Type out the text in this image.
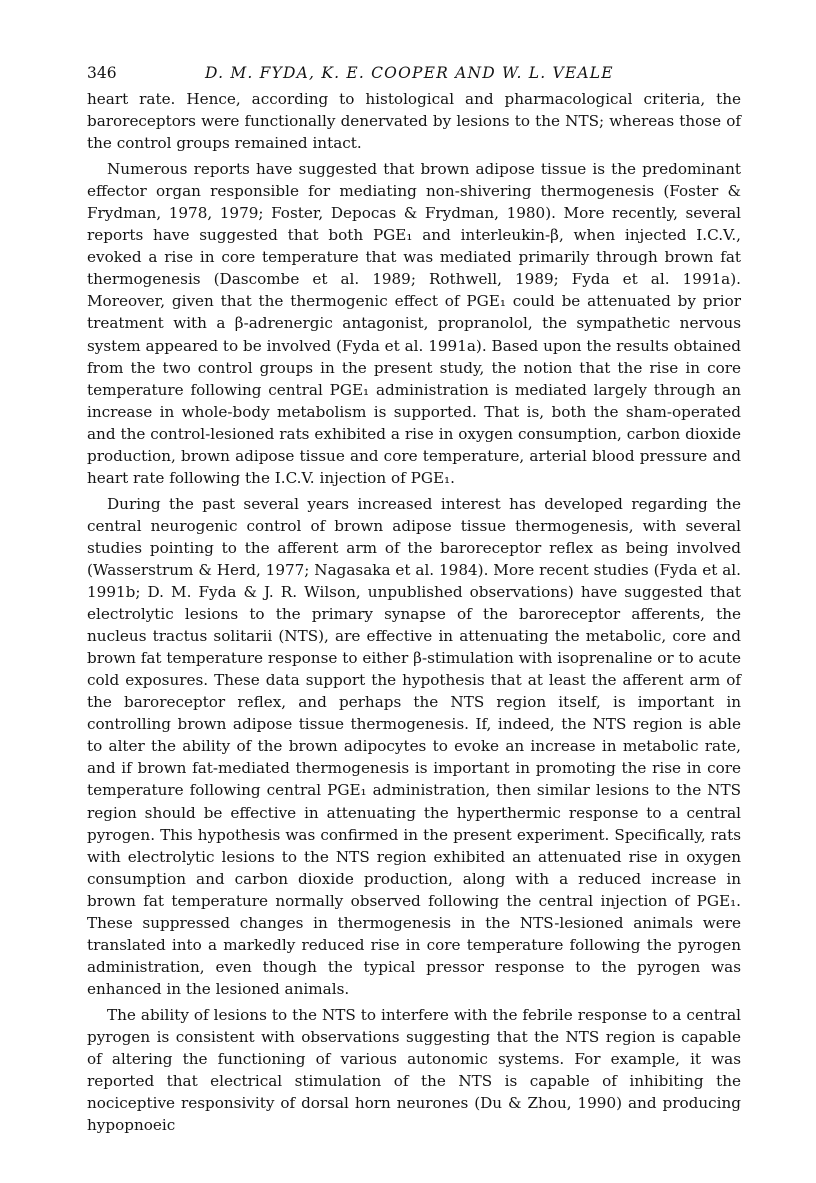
346	D. M. FYDA, K. E. COOPER AND W. L. VEALE

heart rate. Hence, according to histological and pharmacological criteria, the baroreceptors were functionally denervated by lesions to the NTS; whereas those of the control groups remained intact.

Numerous reports have suggested that brown adipose tissue is the predominant effector organ responsible for mediating non-shivering thermogenesis (Foster & Frydman, 1978, 1979; Foster, Depocas & Frydman, 1980). More recently, several reports have suggested that both PGE₁ and interleukin-β, when injected I.C.V., evoked a rise in core temperature that was mediated primarily through brown fat thermogenesis (Dascombe et al. 1989; Rothwell, 1989; Fyda et al. 1991a). Moreover, given that the thermogenic effect of PGE₁ could be attenuated by prior treatment with a β-adrenergic antagonist, propranolol, the sympathetic nervous system appeared to be involved (Fyda et al. 1991a). Based upon the results obtained from the two control groups in the present study, the notion that the rise in core temperature following central PGE₁ administration is mediated largely through an increase in whole-body metabolism is supported. That is, both the sham-operated and the control-lesioned rats exhibited a rise in oxygen consumption, carbon dioxide production, brown adipose tissue and core temperature, arterial blood pressure and heart rate following the I.C.V. injection of PGE₁.

During the past several years increased interest has developed regarding the central neurogenic control of brown adipose tissue thermogenesis, with several studies pointing to the afferent arm of the baroreceptor reflex as being involved (Wasserstrum & Herd, 1977; Nagasaka et al. 1984). More recent studies (Fyda et al. 1991b; D. M. Fyda & J. R. Wilson, unpublished observations) have suggested that electrolytic lesions to the primary synapse of the baroreceptor afferents, the nucleus tractus solitarii (NTS), are effective in attenuating the metabolic, core and brown fat temperature response to either β-stimulation with isoprenaline or to acute cold exposures. These data support the hypothesis that at least the afferent arm of the baroreceptor reflex, and perhaps the NTS region itself, is important in controlling brown adipose tissue thermogenesis. If, indeed, the NTS region is able to alter the ability of the brown adipocytes to evoke an increase in metabolic rate, and if brown fat-mediated thermogenesis is important in promoting the rise in core temperature following central PGE₁ administration, then similar lesions to the NTS region should be effective in attenuating the hyperthermic response to a central pyrogen. This hypothesis was confirmed in the present experiment. Specifically, rats with electrolytic lesions to the NTS region exhibited an attenuated rise in oxygen consumption and carbon dioxide production, along with a reduced increase in brown fat temperature normally observed following the central injection of PGE₁. These suppressed changes in thermogenesis in the NTS-lesioned animals were translated into a markedly reduced rise in core temperature following the pyrogen administration, even though the typical pressor response to the pyrogen was enhanced in the lesioned animals.

The ability of lesions to the NTS to interfere with the febrile response to a central pyrogen is consistent with observations suggesting that the NTS region is capable of altering the functioning of various autonomic systems. For example, it was reported that electrical stimulation of the NTS is capable of inhibiting the nociceptive responsivity of dorsal horn neurones (Du & Zhou, 1990) and producing hypopnoeic
